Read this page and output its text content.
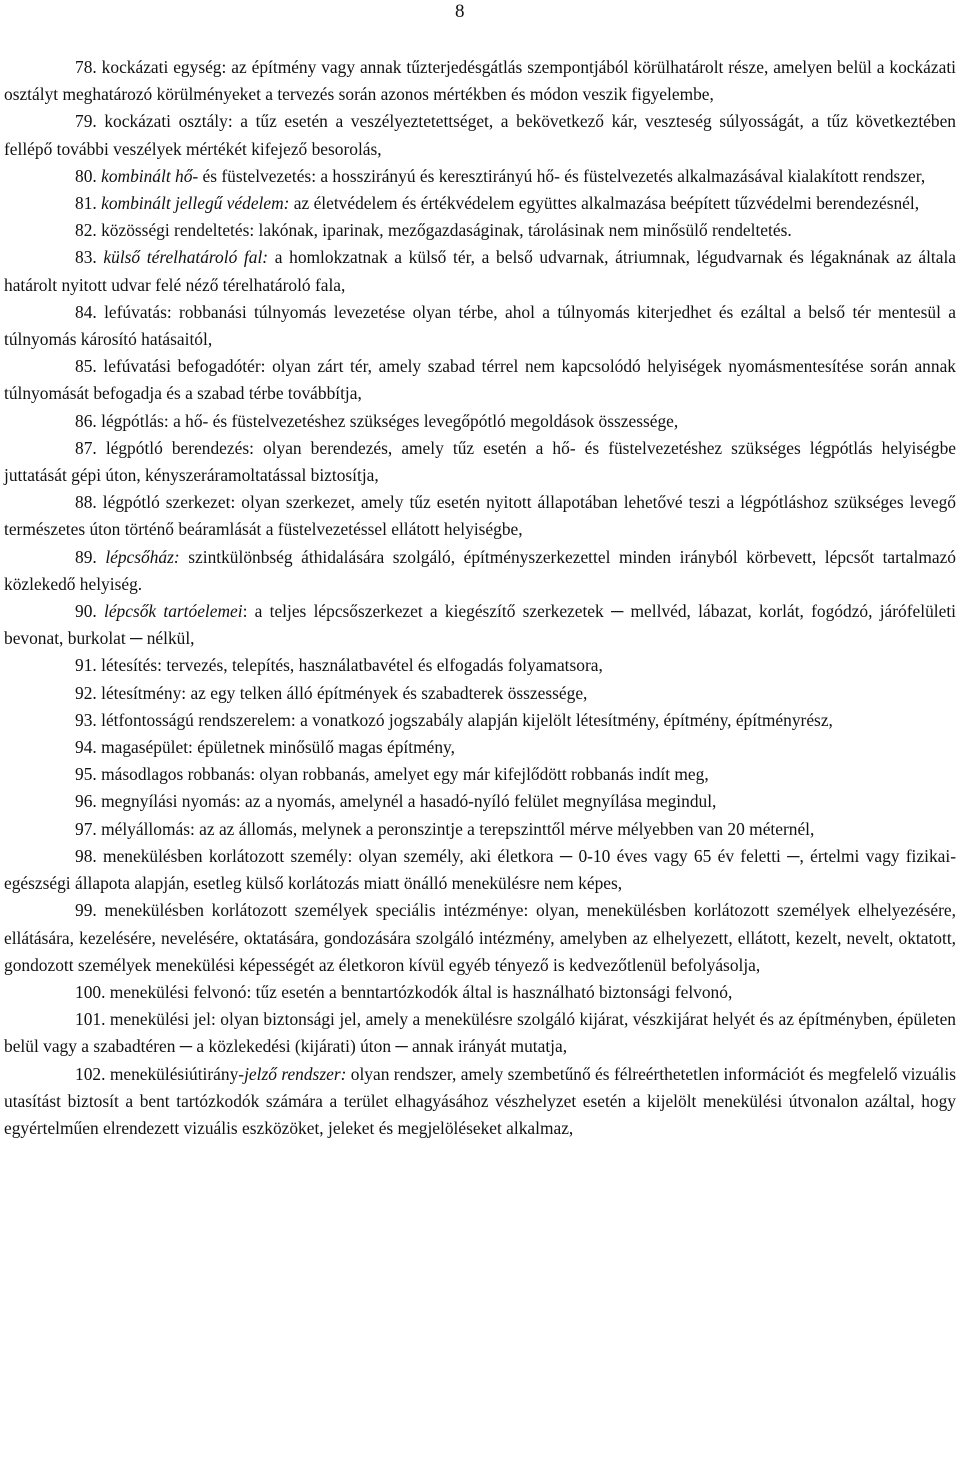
8

78. kockázati egység: az építmény vagy annak tűzterjedésgátlás szempontjából körülhatárolt része, amelyen belül a kockázati osztályt meghatározó körülményeket a tervezés során azonos mértékben és módon veszik figyelembe,

79. kockázati osztály: a tűz esetén a veszélyeztetettséget, a bekövetkező kár, veszteség súlyosságát, a tűz következtében fellépő további veszélyek mértékét kifejező besorolás,

80. kombinált hő- és füstelvezetés: a hosszirányú és keresztirányú hő- és füstelvezetés alkalmazásával kialakított rendszer,

81. kombinált jellegű védelem: az életvédelem és értékvédelem együttes alkalmazása beépített tűzvédelmi berendezésnél,

82. közösségi rendeltetés: lakónak, iparinak, mezőgazdaságinak, tárolásinak nem minősülő rendeltetés.

83. külső térelhatároló fal: a homlokzatnak a külső tér, a belső udvarnak, átriumnak, légudvarnak és légaknának az általa határolt nyitott udvar felé néző térelhatároló fala,

84. lefúvatás: robbanási túlnyomás levezetése olyan térbe, ahol a túlnyomás kiterjedhet és ezáltal a belső tér mentesül a túlnyomás károsító hatásaitól,

85. lefúvatási befogadótér: olyan zárt tér, amely szabad térrel nem kapcsolódó helyiségek nyomásmentesítése során annak túlnyomását befogadja és a szabad térbe továbbítja,

86. légpótlás: a hő- és füstelvezetéshez szükséges levegőpótló megoldások összessége,

87. légpótló berendezés: olyan berendezés, amely tűz esetén a hő- és füstelvezetéshez szükséges légpótlás helyiségbe juttatását gépi úton, kényszeráramoltatással biztosítja,

88. légpótló szerkezet: olyan szerkezet, amely tűz esetén nyitott állapotában lehetővé teszi a légpótláshoz szükséges levegő természetes úton történő beáramlását a füstelvezetéssel ellátott helyiségbe,

89. lépcsőház: szintkülönbség áthidalására szolgáló, építményszerkezettel minden irányból körbevett, lépcsőt tartalmazó közlekedő helyiség.

90. lépcsők tartóelemei: a teljes lépcsőszerkezet a kiegészítő szerkezetek ─ mellvéd, lábazat, korlát, fogódzó, járófelületi bevonat, burkolat ─ nélkül,

91. létesítés: tervezés, telepítés, használatbavétel és elfogadás folyamatsora,

92. létesítmény: az egy telken álló építmények és szabadterek összessége,

93. létfontosságú rendszerelem: a vonatkozó jogszabály alapján kijelölt létesítmény, építmény, építményrész,

94. magasépület: épületnek minősülő magas építmény,

95. másodlagos robbanás: olyan robbanás, amelyet egy már kifejlődött robbanás indít meg,

96. megnyílási nyomás: az a nyomás, amelynél a hasadó-nyíló felület megnyílása megindul,

97. mélyállomás: az az állomás, melynek a peronszintje a terepszinttől mérve mélyebben van 20 méternél,

98. menekülésben korlátozott személy: olyan személy, aki életkora ─ 0-10 éves vagy 65 év feletti ─, értelmi vagy fizikai-egészségi állapota alapján, esetleg külső korlátozás miatt önálló menekülésre nem képes,

99. menekülésben korlátozott személyek speciális intézménye: olyan, menekülésben korlátozott személyek elhelyezésére, ellátására, kezelésére, nevelésére, oktatására, gondozására szolgáló intézmény, amelyben az elhelyezett, ellátott, kezelt, nevelt, oktatott, gondozott személyek menekülési képességét az életkoron kívül egyéb tényező is kedvezőtlenül befolyásolja,

100. menekülési felvonó: tűz esetén a benntartózkodók által is használható biztonsági felvonó,

101. menekülési jel: olyan biztonsági jel, amely a menekülésre szolgáló kijárat, vészkijárat helyét és az építményben, épületen belül vagy a szabadtéren ─ a közlekedési (kijárati) úton ─ annak irányát mutatja,

102. menekülésiútirány-jelző rendszer: olyan rendszer, amely szembetűnő és félreérthetetlen információt és megfelelő vizuális utasítást biztosít a bent tartózkodók számára a terület elhagyásához vészhelyzet esetén a kijelölt menekülési útvonalon azáltal, hogy egyértelműen elrendezett vizuális eszközöket, jeleket és megjelöléseket alkalmaz,
